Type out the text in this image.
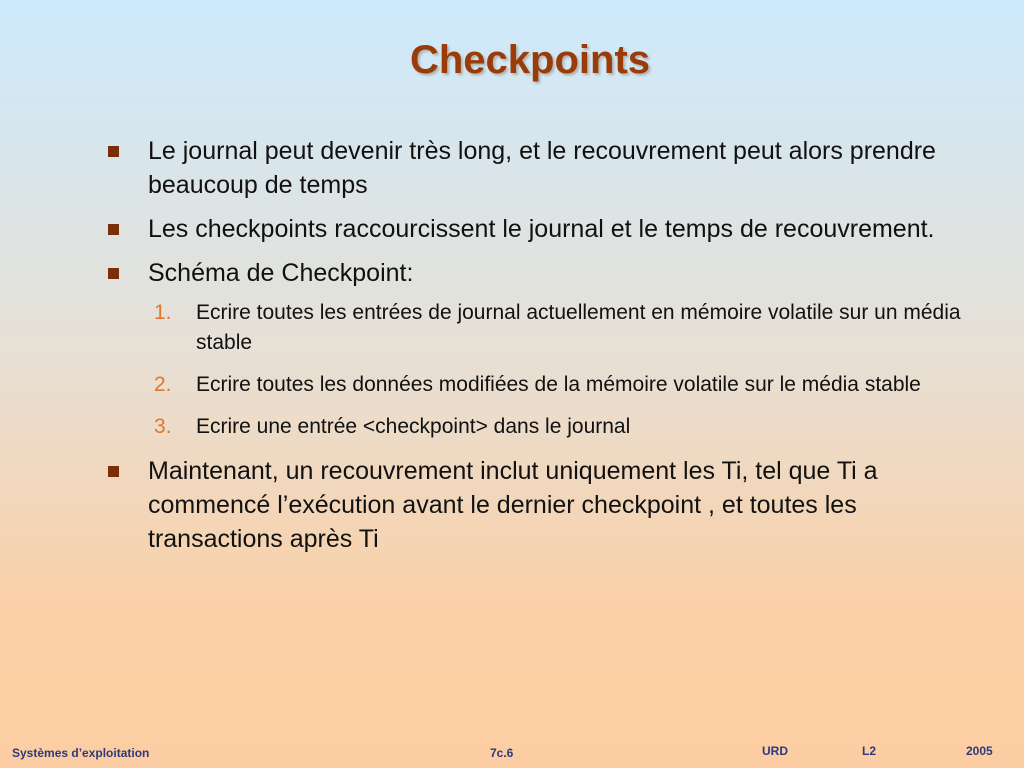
Checkpoints
Le journal peut devenir très long, et le recouvrement peut alors prendre beaucoup de temps
Les checkpoints raccourcissent le journal et le temps de recouvrement.
Schéma de Checkpoint:
1. Ecrire toutes les entrées de journal actuellement en mémoire volatile sur un média stable
2. Ecrire toutes les données modifiées de la mémoire volatile sur le média stable
3. Ecrire une entrée <checkpoint> dans le journal
Maintenant, un recouvrement inclut uniquement les Ti, tel que Ti a commencé l’exécution avant le dernier checkpoint , et toutes les transactions après Ti
Systèmes d’exploitation	7c.6	URD	L2	2005
